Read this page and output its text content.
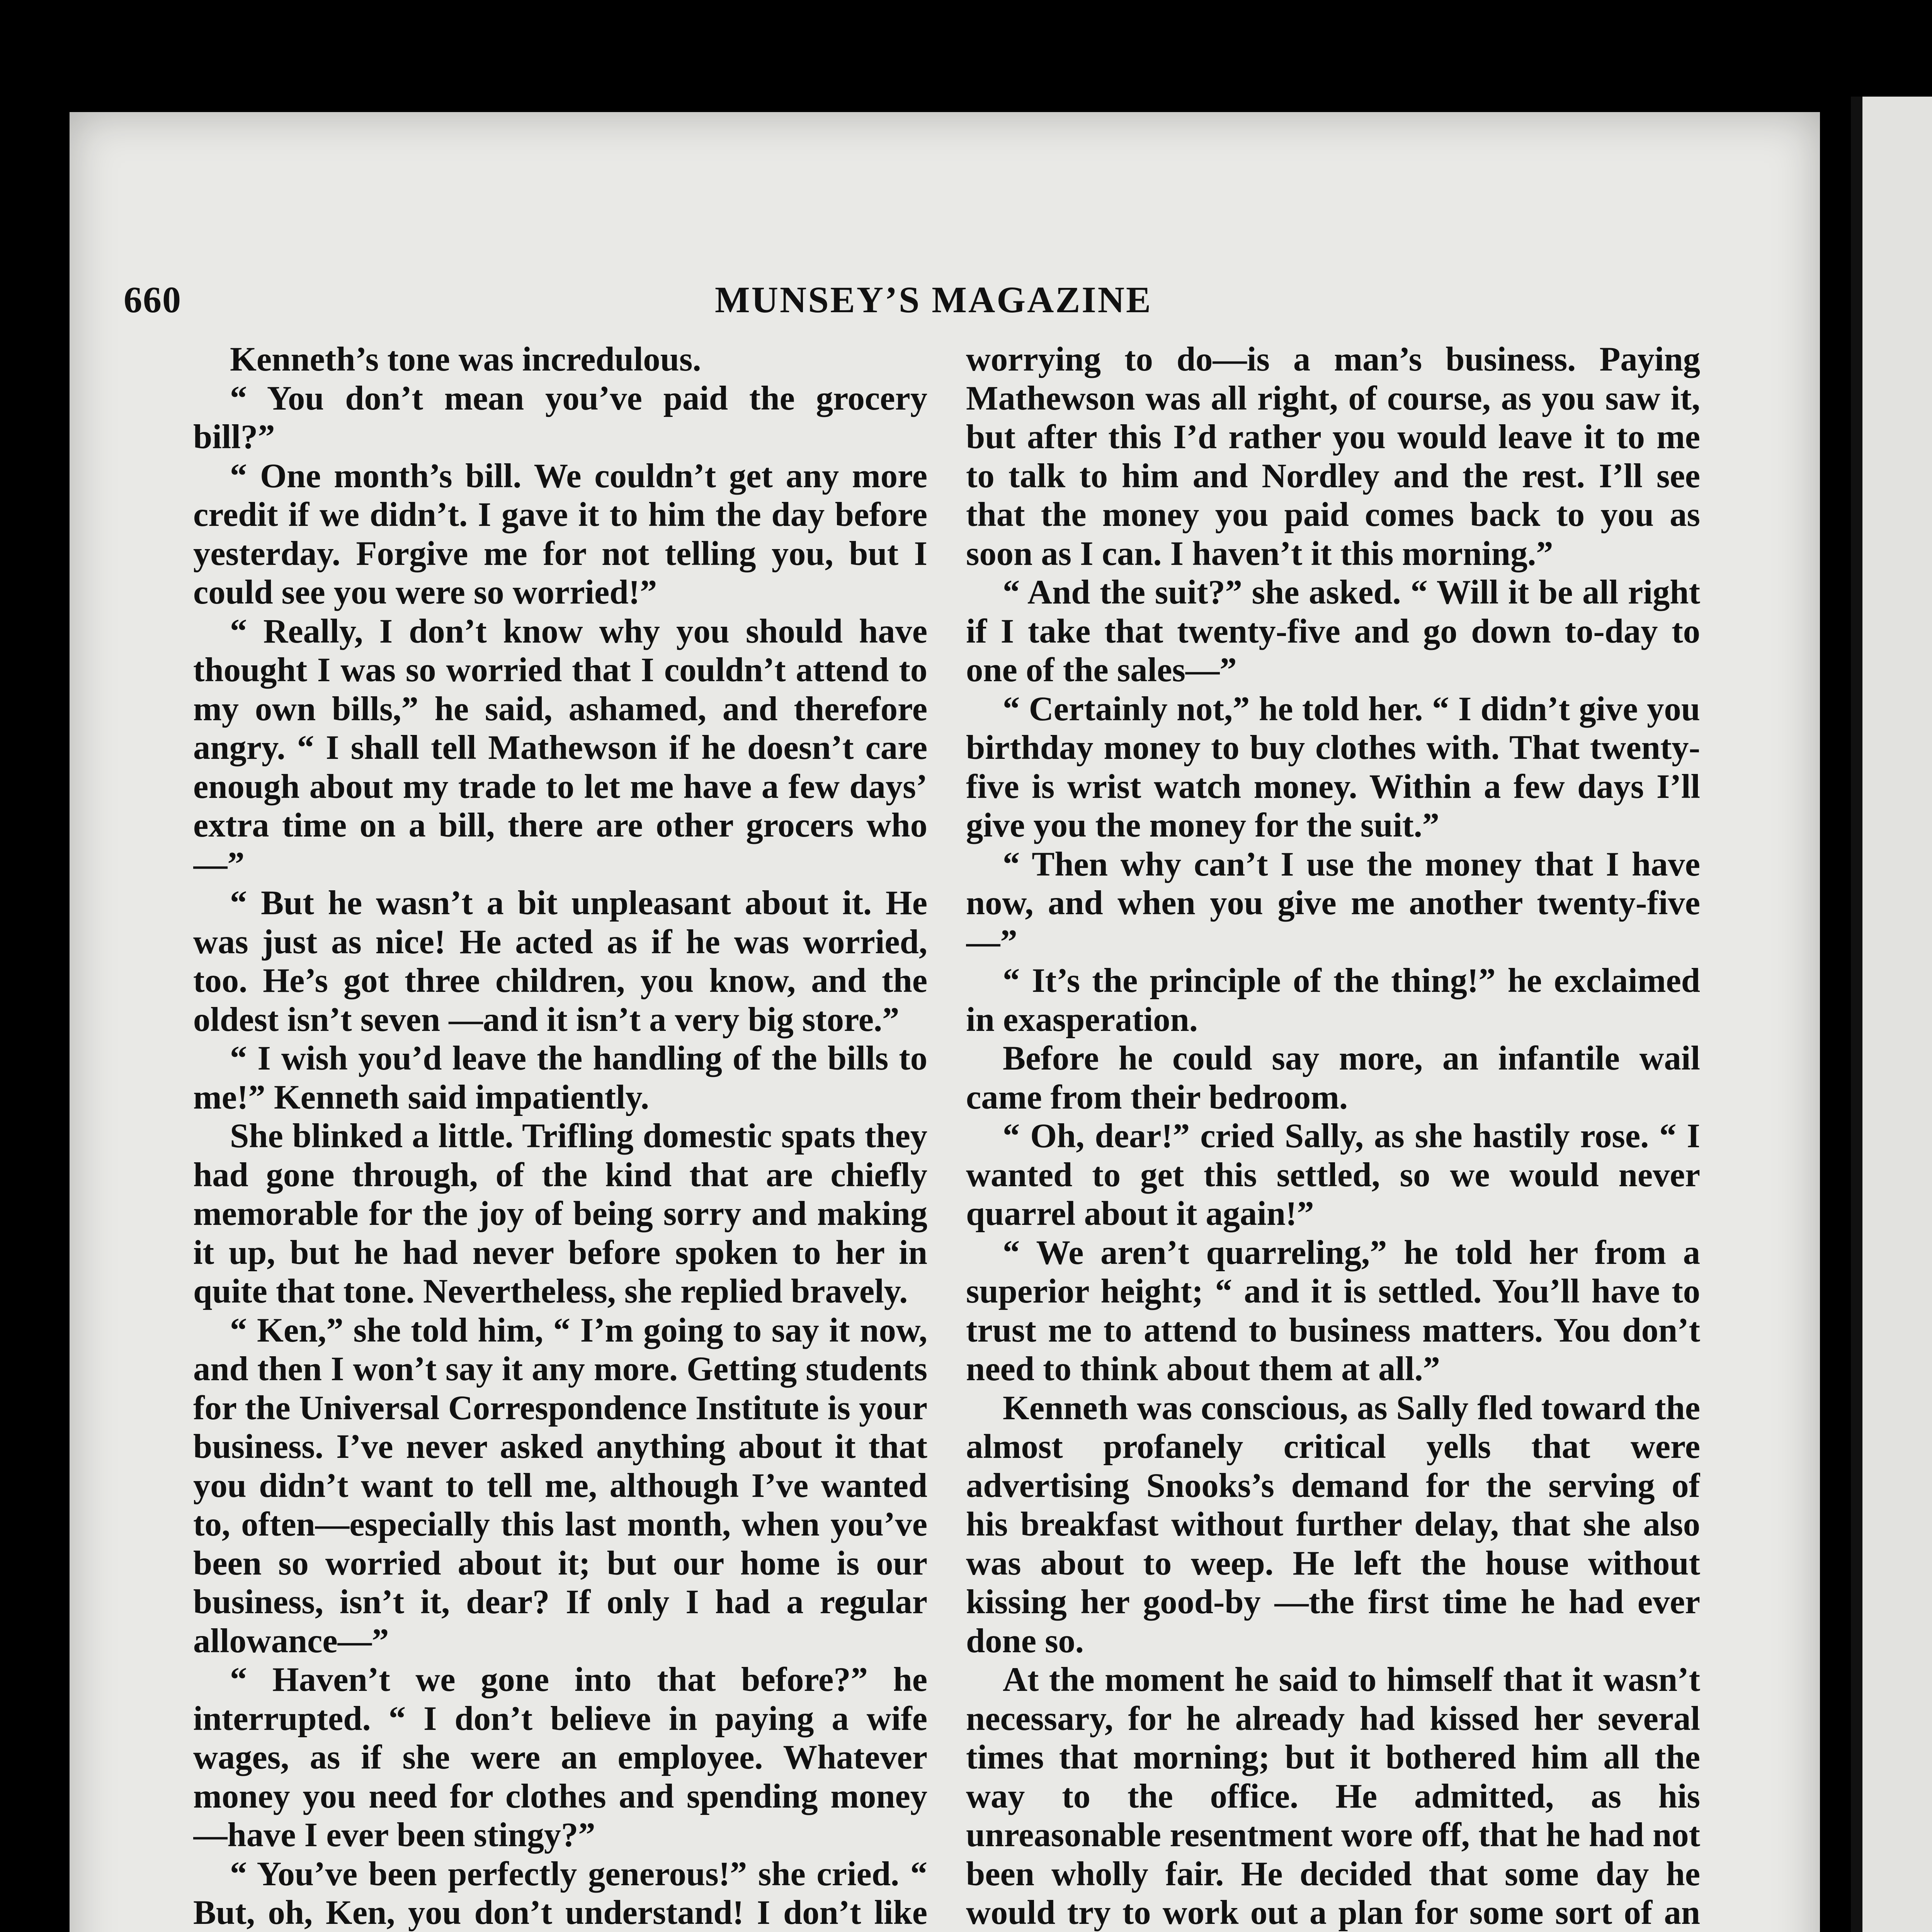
660	MUNSEY’S MAGAZINE

Kenneth’s tone was incredulous.

“ You don’t mean you’ve paid the grocery bill?”

“ One month’s bill. We couldn’t get any more credit if we didn’t. I gave it to him the day before yesterday. Forgive me for not telling you, but I could see you were so worried!”

“ Really, I don’t know why you should have thought I was so worried that I couldn’t attend to my own bills,” he said, ashamed, and therefore angry. “ I shall tell Mathewson if he doesn’t care enough about my trade to let me have a few days’ extra time on a bill, there are other grocers who—”

“ But he wasn’t a bit unpleasant about it. He was just as nice! He acted as if he was worried, too. He’s got three children, you know, and the oldest isn’t seven —and it isn’t a very big store.”

“ I wish you’d leave the handling of the bills to me!” Kenneth said impatiently.

She blinked a little. Trifling domestic spats they had gone through, of the kind that are chiefly memorable for the joy of being sorry and making it up, but he had never before spoken to her in quite that tone. Nevertheless, she replied bravely.

“ Ken,” she told him, “ I’m going to say it now, and then I won’t say it any more. Getting students for the Universal Correspondence Institute is your business. I’ve never asked anything about it that you didn’t want to tell me, although I’ve wanted to, often—especially this last month, when you’ve been so worried about it; but our home is our business, isn’t it, dear? If only I had a regular allowance—”

“ Haven’t we gone into that before?” he interrupted. “ I don’t believe in paying a wife wages, as if she were an employee. Whatever money you need for clothes and spending money—have I ever been stingy?”

“ You’ve been perfectly generous!” she cried. “ But, oh, Ken, you don’t understand! I don’t like

worrying to do—is a man’s business. Paying Mathewson was all right, of course, as you saw it, but after this I’d rather you would leave it to me to talk to him and Nordley and the rest. I’ll see that the money you paid comes back to you as soon as I can. I haven’t it this morning.”

“ And the suit?” she asked. “ Will it be all right if I take that twenty-five and go down to-day to one of the sales—”

“ Certainly not,” he told her. “ I didn’t give you birthday money to buy clothes with. That twenty-five is wrist watch money. Within a few days I’ll give you the money for the suit.”

“ Then why can’t I use the money that I have now, and when you give me another twenty-five—”

“ It’s the principle of the thing!” he exclaimed in exasperation.

Before he could say more, an infantile wail came from their bedroom.

“ Oh, dear!” cried Sally, as she hastily rose. “ I wanted to get this settled, so we would never quarrel about it again!”

“ We aren’t quarreling,” he told her from a superior height; “ and it is settled. You’ll have to trust me to attend to business matters. You don’t need to think about them at all.”

Kenneth was conscious, as Sally fled toward the almost profanely critical yells that were advertising Snooks’s demand for the serving of his breakfast without further delay, that she also was about to weep. He left the house without kissing her good-by —the first time he had ever done so.

At the moment he said to himself that it wasn’t necessary, for he already had kissed her several times that morning; but it bothered him all the way to the office. He admitted, as his unreasonable resentment wore off, that he had not been wholly fair. He decided that some day he would try to work out a plan for some sort of an
